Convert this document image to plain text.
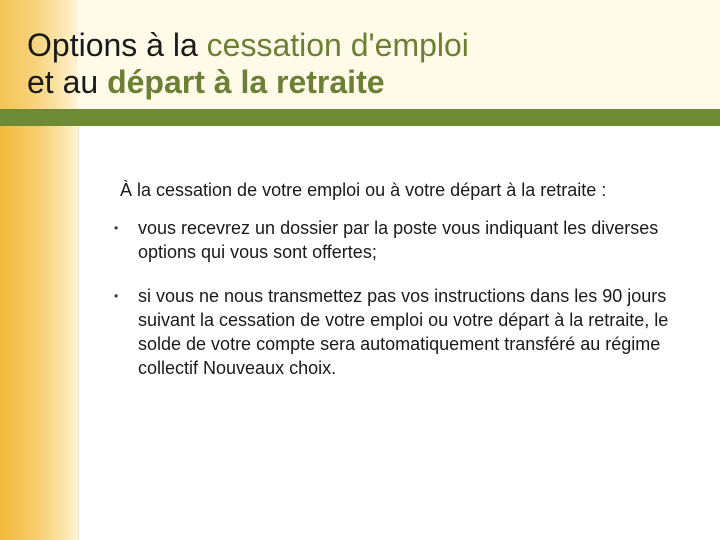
Options à la cessation d'emploi
et au départ à la retraite

À la cessation de votre emploi ou à votre départ à la retraite :

• vous recevrez un dossier par la poste vous indiquant les diverses options qui vous sont offertes;
• si vous ne nous transmettez pas vos instructions dans les 90 jours suivant la cessation de votre emploi ou votre départ à la retraite, le solde de votre compte sera automatiquement transféré au régime collectif Nouveaux choix.
